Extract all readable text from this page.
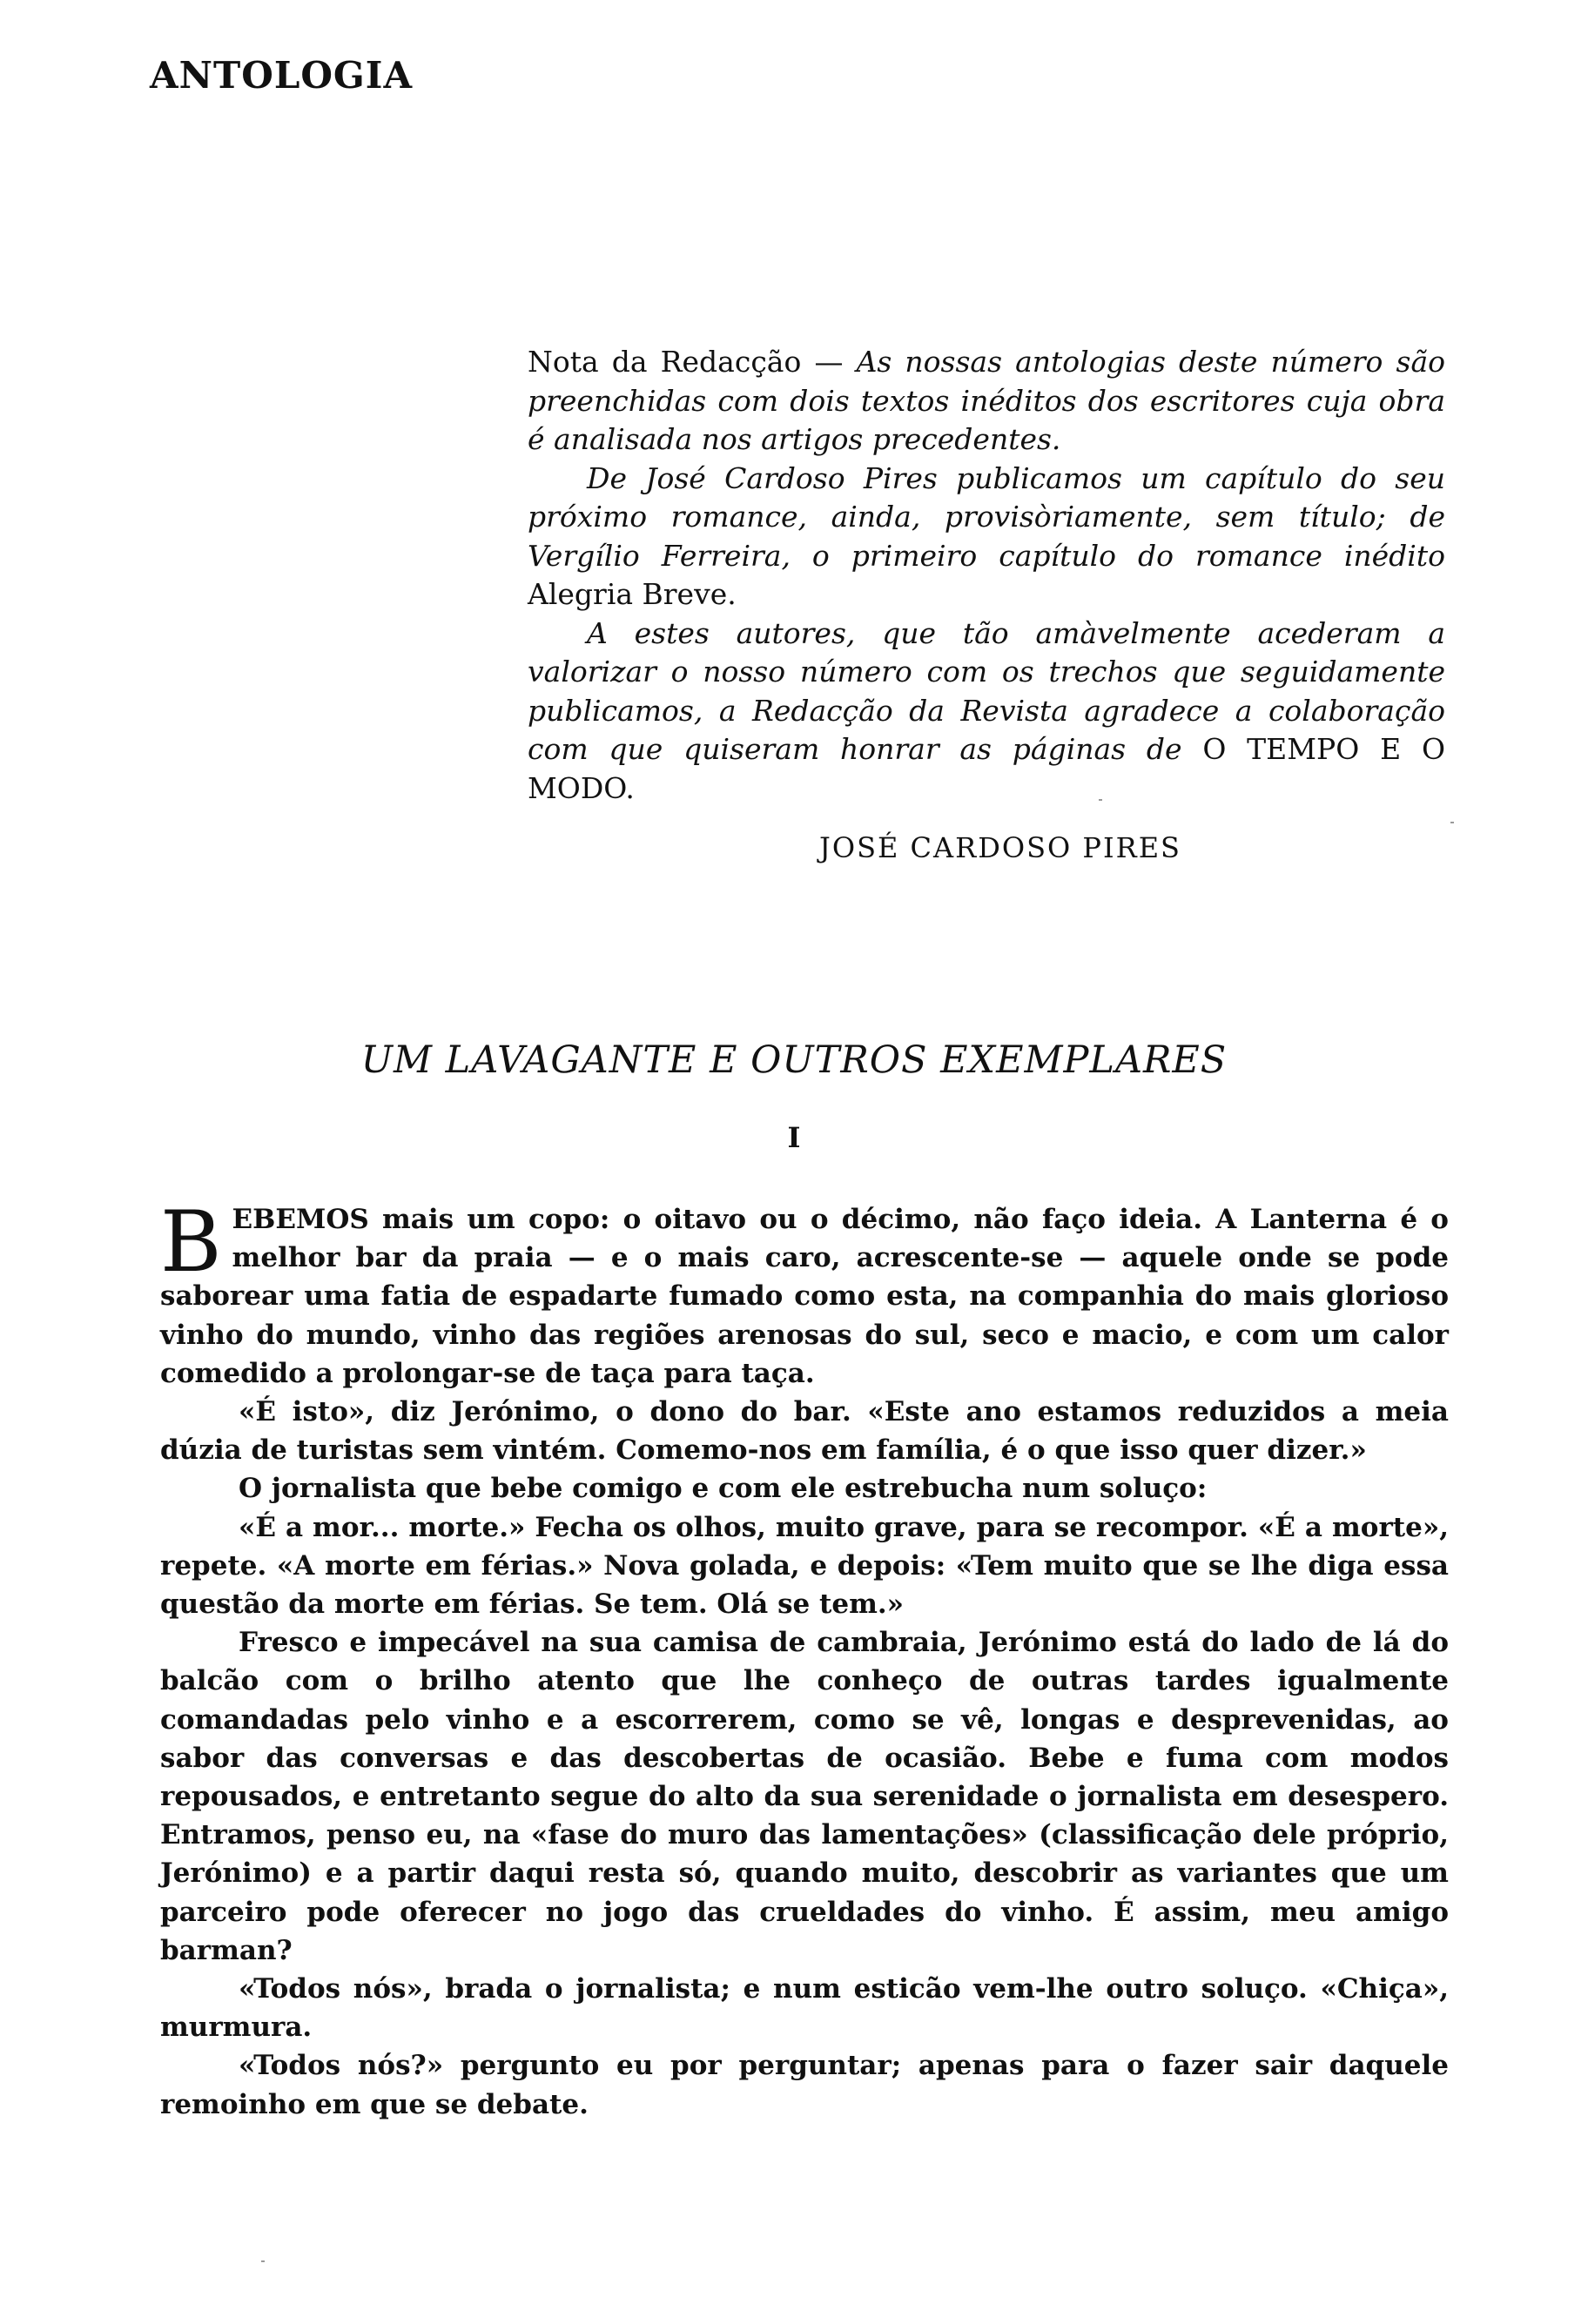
ANTOLOGIA

Nota da Redacção — As nossas antologias deste número são preenchidas com dois textos inéditos dos escritores cuja obra é analisada nos artigos precedentes.

De José Cardoso Pires publicamos um capítulo do seu próximo romance, ainda, provisòriamente, sem título; de Vergílio Ferreira, o primeiro capítulo do romance inédito Alegria Breve.

A estes autores, que tão amàvelmente acederam a valorizar o nosso número com os trechos que seguidamente publicamos, a Redacção da Revista agradece a colaboração com que quiseram honrar as páginas de O TEMPO E O MODO.

JOSÉ CARDOSO PIRES
UM LAVAGANTE E OUTROS EXEMPLARES
I

BEBEMOS mais um copo: o oitavo ou o décimo, não faço ideia. A Lanterna é o melhor bar da praia — e o mais caro, acrescente-se — aquele onde se pode saborear uma fatia de espadarte fumado como esta, na companhia do mais glorioso vinho do mundo, vinho das regiões arenosas do sul, seco e macio, e com um calor comedido a prolongar-se de taça para taça.

«É isto», diz Jerónimo, o dono do bar. «Este ano estamos reduzidos a meia dúzia de turistas sem vintém. Comemo-nos em família, é o que isso quer dizer.»

O jornalista que bebe comigo e com ele estrebucha num soluço:

«É a mor... morte.» Fecha os olhos, muito grave, para se recompor. «É a morte», repete. «A morte em férias.» Nova golada, e depois: «Tem muito que se lhe diga essa questão da morte em férias. Se tem. Olá se tem.»

Fresco e impecável na sua camisa de cambraia, Jerónimo está do lado de lá do balcão com o brilho atento que lhe conheço de outras tardes igualmente comandadas pelo vinho e a escorrerem, como se vê, longas e desprevenidas, ao sabor das conversas e das descobertas de ocasião. Bebe e fuma com modos repousados, e entretanto segue do alto da sua serenidade o jornalista em desespero. Entramos, penso eu, na «fase do muro das lamentações» (classificação dele próprio, Jerónimo) e a partir daqui resta só, quando muito, descobrir as variantes que um parceiro pode oferecer no jogo das crueldades do vinho. É assim, meu amigo barman?

«Todos nós», brada o jornalista; e num esticão vem-lhe outro soluço. «Chiça», murmura.

«Todos nós?» pergunto eu por perguntar; apenas para o fazer sair daquele remoinho em que se debate.
